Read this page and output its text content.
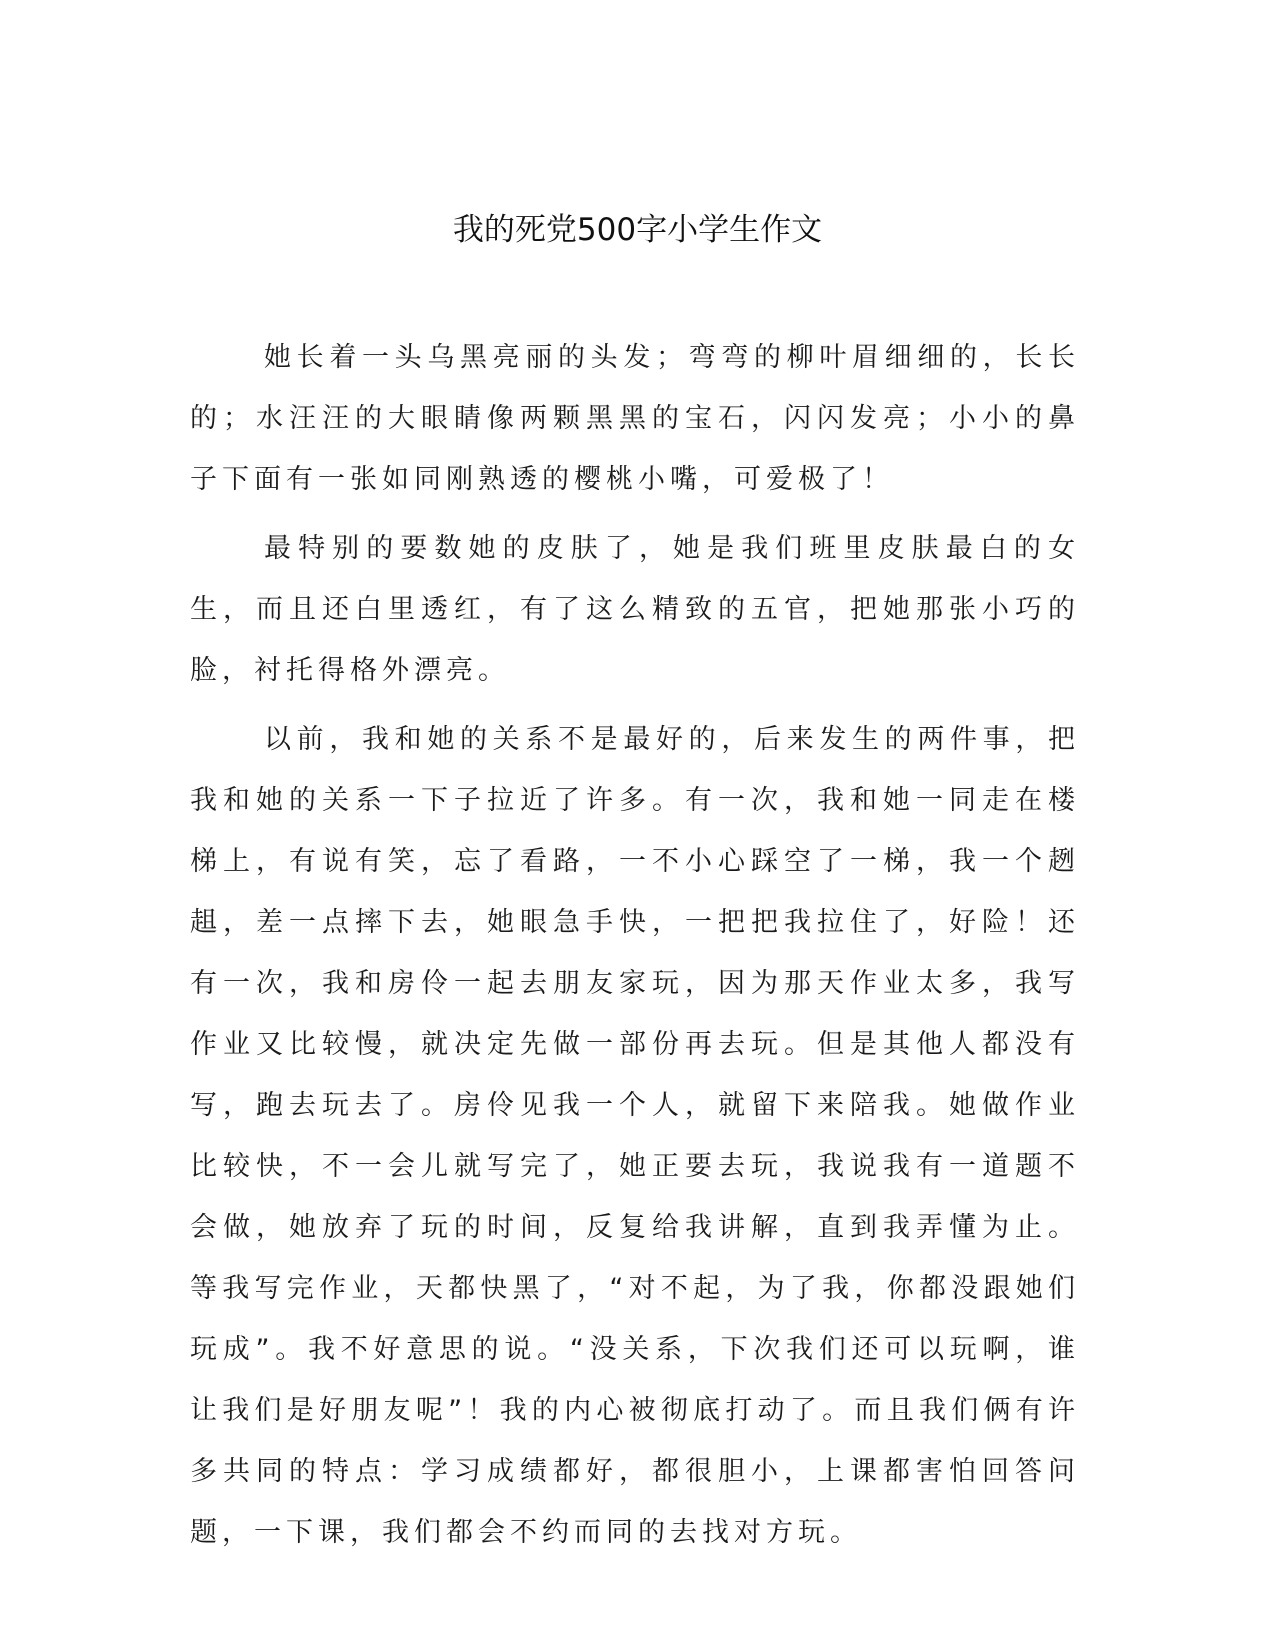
我的死党500字小学生作文

她长着一头乌黑亮丽的头发；弯弯的柳叶眉细细的，长长的；水汪汪的大眼睛像两颗黑黑的宝石，闪闪发亮；小小的鼻子下面有一张如同刚熟透的樱桃小嘴，可爱极了！

最特别的要数她的皮肤了，她是我们班里皮肤最白的女生，而且还白里透红，有了这么精致的五官，把她那张小巧的脸，衬托得格外漂亮。

以前，我和她的关系不是最好的，后来发生的两件事，把我和她的关系一下子拉近了许多。有一次，我和她一同走在楼梯上，有说有笑，忘了看路，一不小心踩空了一梯，我一个趔趄，差一点摔下去，她眼急手快，一把把我拉住了，好险！还有一次，我和房伶一起去朋友家玩，因为那天作业太多，我写作业又比较慢，就决定先做一部份再去玩。但是其他人都没有写，跑去玩去了。房伶见我一个人，就留下来陪我。她做作业比较快，不一会儿就写完了，她正要去玩，我说我有一道题不会做，她放弃了玩的时间，反复给我讲解，直到我弄懂为止。等我写完作业，天都快黑了，“对不起，为了我，你都没跟她们玩成”。我不好意思的说。“没关系，下次我们还可以玩啊，谁让我们是好朋友呢”！我的内心被彻底打动了。而且我们俩有许多共同的特点：学习成绩都好，都很胆小，上课都害怕回答问题，一下课，我们都会不约而同的去找对方玩。
